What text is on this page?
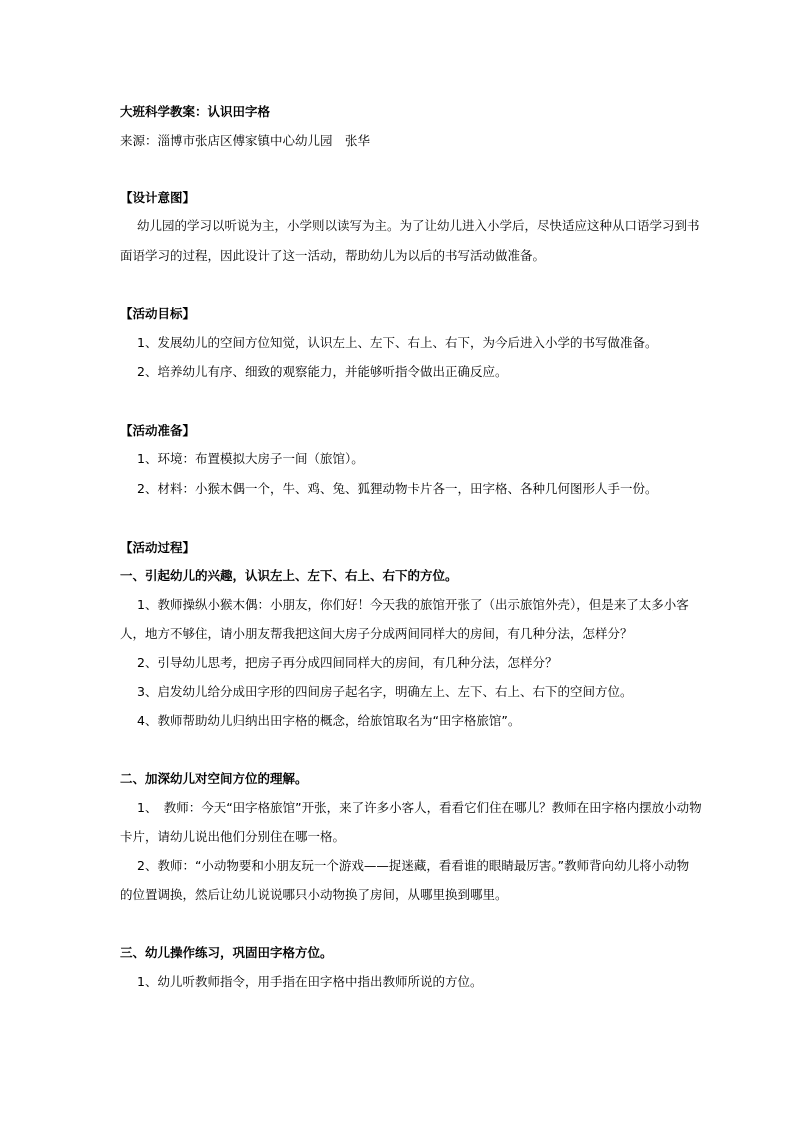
大班科学教案：认识田字格
来源：淄博市张店区傅家镇中心幼儿园　张华
【设计意图】
幼儿园的学习以听说为主，小学则以读写为主。为了让幼儿进入小学后，尽快适应这种从口语学习到书
面语学习的过程，因此设计了这一活动，帮助幼儿为以后的书写活动做准备。
【活动目标】
1、发展幼儿的空间方位知觉，认识左上、左下、右上、右下，为今后进入小学的书写做准备。
2、培养幼儿有序、细致的观察能力，并能够听指令做出正确反应。
【活动准备】
1、环境：布置模拟大房子一间（旅馆）。
2、材料：小猴木偶一个，牛、鸡、兔、狐狸动物卡片各一，田字格、各种几何图形人手一份。
【活动过程】
一、引起幼儿的兴趣，认识左上、左下、右上、右下的方位。
1、教师操纵小猴木偶：小朋友，你们好！今天我的旅馆开张了（出示旅馆外壳），但是来了太多小客
人，地方不够住，请小朋友帮我把这间大房子分成两间同样大的房间，有几种分法，怎样分？
2、引导幼儿思考，把房子再分成四间同样大的房间，有几种分法，怎样分？
3、启发幼儿给分成田字形的四间房子起名字，明确左上、左下、右上、右下的空间方位。
4、教师帮助幼儿归纳出田字格的概念，给旅馆取名为“田字格旅馆”。
二、加深幼儿对空间方位的理解。
1、　教师：今天“田字格旅馆”开张，来了许多小客人，看看它们住在哪儿？教师在田字格内摆放小动物
卡片，请幼儿说出他们分别住在哪一格。
2、教师：“小动物要和小朋友玩一个游戏——捉迷藏，看看谁的眼睛最厉害。”教师背向幼儿将小动物
的位置调换，然后让幼儿说说哪只小动物换了房间，从哪里换到哪里。
三、幼儿操作练习，巩固田字格方位。
1、幼儿听教师指令，用手指在田字格中指出教师所说的方位。
